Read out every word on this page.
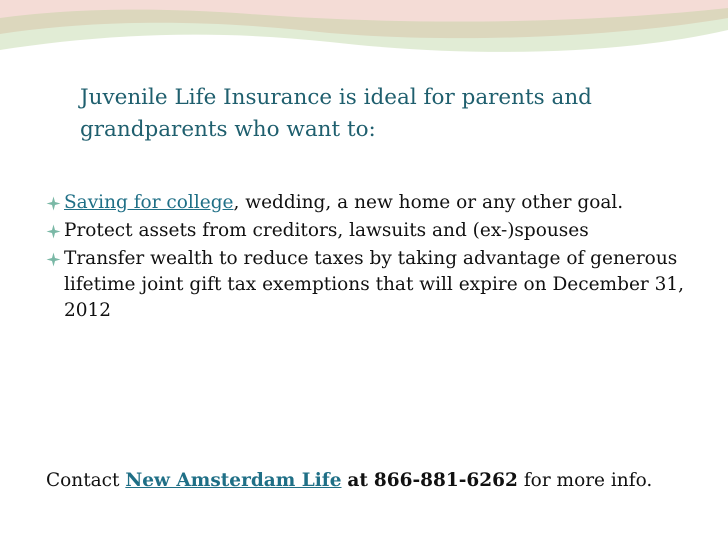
Juvenile Life Insurance is ideal for parents and
grandparents who want to:
Saving for college, wedding, a new home or any other goal.
Protect assets from creditors, lawsuits and (ex-)spouses
Transfer wealth to reduce taxes by taking advantage of generous lifetime joint gift tax exemptions that will expire on December 31, 2012

Contact New Amsterdam Life at 866-881-6262 for more info.
